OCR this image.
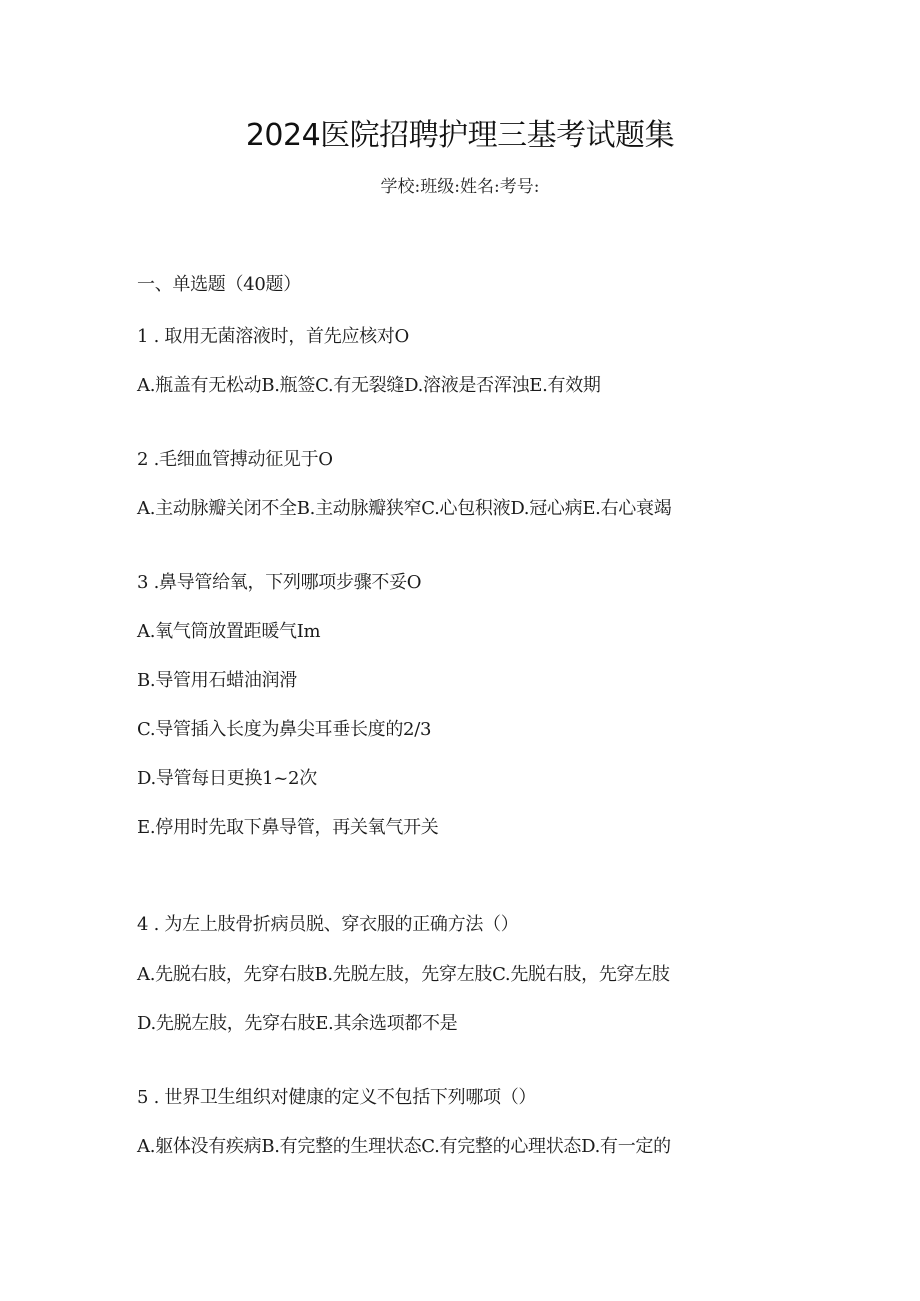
2024医院招聘护理三基考试题集
学校:班级:姓名:考号:
一、单选题（40题）
1 . 取用无菌溶液时，首先应核对O
A.瓶盖有无松动B.瓶签C.有无裂缝D.溶液是否浑浊E.有效期
2 .毛细血管搏动征见于O
A.主动脉瓣关闭不全B.主动脉瓣狭窄C.心包积液D.冠心病E.右心衰竭
3 .鼻导管给氧，下列哪项步骤不妥O
A.氧气筒放置距暖气Im
B.导管用石蜡油润滑
C.导管插入长度为鼻尖耳垂长度的2/3
D.导管每日更换1~2次
E.停用时先取下鼻导管，再关氧气开关
4 . 为左上肢骨折病员脱、穿衣服的正确方法（）
A.先脱右肢，先穿右肢B.先脱左肢，先穿左肢C.先脱右肢，先穿左肢
D.先脱左肢，先穿右肢E.其余选项都不是
5 . 世界卫生组织对健康的定义不包括下列哪项（）
A.躯体没有疾病B.有完整的生理状态C.有完整的心理状态D.有一定的
